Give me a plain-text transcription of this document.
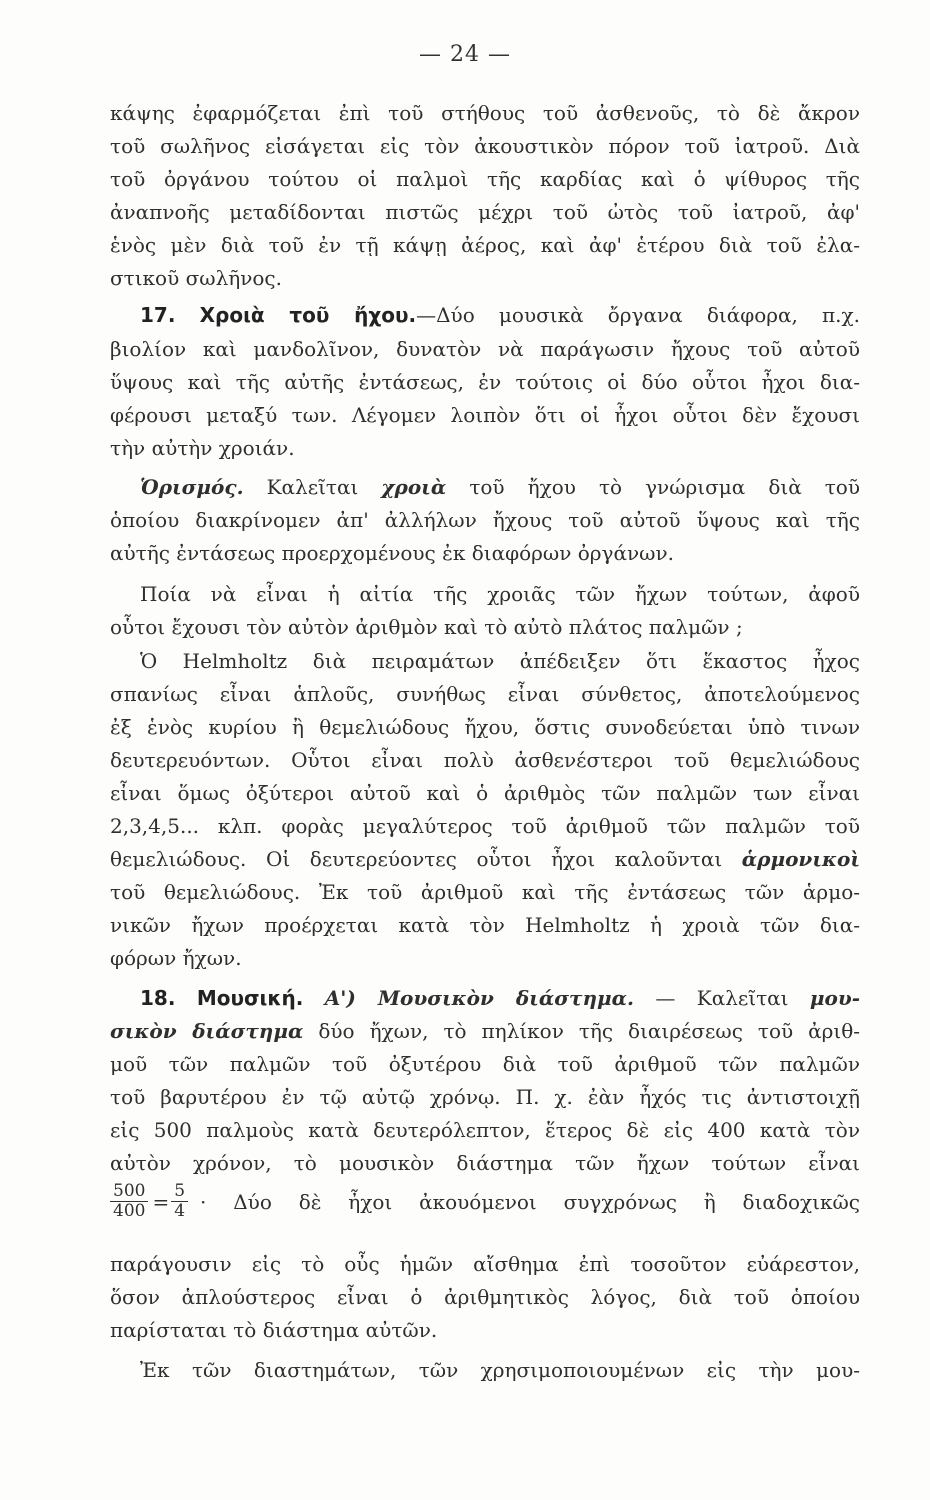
— 24 —
κάψης ἐφαρμόζεται ἐπὶ τοῦ στήθους τοῦ ἀσθενοῦς, τὸ δὲ ἄκρον
τοῦ σωλῆνος εἰσάγεται εἰς τὸν ἀκουστικὸν πόρον τοῦ ἰατροῦ. Διὰ
τοῦ ὀργάνου τούτου οἱ παλμοὶ τῆς καρδίας καὶ ὁ ψίθυρος τῆς
ἀναπνοῆς μεταδίδονται πιστῶς μέχρι τοῦ ὠτὸς τοῦ ἰατροῦ, ἀφ'
ἑνὸς μὲν διὰ τοῦ ἐν τῇ κάψῃ ἀέρος, καὶ ἀφ' ἑτέρου διὰ τοῦ ἐλα-
στικοῦ σωλῆνος.
17. Χροιὰ τοῦ ἤχου.—Δύο μουσικὰ ὄργανα διάφορα, π.χ.
βιολίον καὶ μανδολῖνον, δυνατὸν νὰ παράγωσιν ἤχους τοῦ αὐτοῦ
ὕψους καὶ τῆς αὐτῆς ἐντάσεως, ἐν τούτοις οἱ δύο οὗτοι ἦχοι δια-
φέρουσι μεταξύ των. Λέγομεν λοιπὸν ὅτι οἱ ἦχοι οὗτοι δὲν ἔχουσι
τὴν αὐτὴν χροιάν.
Ὁρισμός. Καλεῖται χροιὰ τοῦ ἤχου τὸ γνώρισμα διὰ τοῦ
ὁποίου διακρίνομεν ἀπ' ἀλλήλων ἤχους τοῦ αὐτοῦ ὕψους καὶ τῆς
αὐτῆς ἐντάσεως προερχομένους ἐκ διαφόρων ὀργάνων.
Ποία νὰ εἶναι ἡ αἰτία τῆς χροιᾶς τῶν ἤχων τούτων, ἀφοῦ
οὗτοι ἔχουσι τὸν αὐτὸν ἀριθμὸν καὶ τὸ αὐτὸ πλάτος παλμῶν ;
Ὁ Helmholtz διὰ πειραμάτων ἀπέδειξεν ὅτι ἕκαστος ἦχος
σπανίως εἶναι ἁπλοῦς, συνήθως εἶναι σύνθετος, ἀποτελούμενος
ἐξ ἑνὸς κυρίου ἢ θεμελιώδους ἤχου, ὅστις συνοδεύεται ὑπὸ τινων
δευτερευόντων. Οὗτοι εἶναι πολὺ ἀσθενέστεροι τοῦ θεμελιώδους
εἶναι ὅμως ὀξύτεροι αὐτοῦ καὶ ὁ ἀριθμὸς τῶν παλμῶν των εἶναι
2,3,4,5... κλπ. φορὰς μεγαλύτερος τοῦ ἀριθμοῦ τῶν παλμῶν τοῦ
θεμελιώδους. Οἱ δευτερεύοντες οὗτοι ἦχοι καλοῦνται ἁρμονικοὶ
τοῦ θεμελιώδους. Ἐκ τοῦ ἀριθμοῦ καὶ τῆς ἐντάσεως τῶν ἁρμο-
νικῶν ἤχων προέρχεται κατὰ τὸν Helmholtz ἡ χροιὰ τῶν δια-
φόρων ἤχων.
18. Μουσική. Α') Μουσικὸν διάστημα. — Καλεῖται μου-
σικὸν διάστημα δύο ἤχων, τὸ πηλίκον τῆς διαιρέσεως τοῦ ἀριθ-
μοῦ τῶν παλμῶν τοῦ ὀξυτέρου διὰ τοῦ ἀριθμοῦ τῶν παλμῶν
τοῦ βαρυτέρου ἐν τῷ αὐτῷ χρόνῳ. Π. χ. ἐὰν ἦχός τις ἀντιστοιχῇ
εἰς 500 παλμοὺς κατὰ δευτερόλεπτον, ἕτερος δὲ εἰς 400 κατὰ τὸν
αὐτὸν χρόνον, τὸ μουσικὸν διάστημα τῶν ἤχων τούτων εἶναι
$\frac{500}{400} = \frac{5}{4} \cdot \Delta ύo$ δὲ ἦχοι ἀκουόμενοι συγχρόνως ἢ διαδοχικῶς
παράγουσιν εἰς τὸ οὖς ἡμῶν αἴσθημα ἐπὶ τοσοῦτον εὐάρεστον,
ὅσον ἁπλούστερος εἶναι ὁ ἀριθμητικὸς λόγος, διὰ τοῦ ὁποίου
παρίσταται τὸ διάστημα αὐτῶν.
Ἐκ τῶν διαστημάτων, τῶν χρησιμοποιουμένων εἰς τὴν μου-
